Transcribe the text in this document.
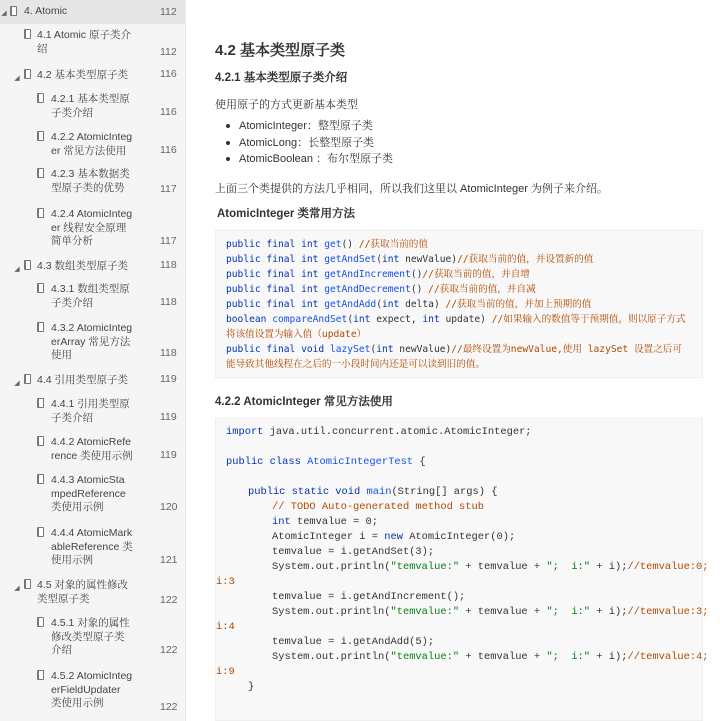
◢ 4. Atomic	112
4.1 Atomic 原子类介绍	112
◢ 4.2 基本类型原子类	116
4.2.1 基本类型原子类介绍	116
4.2.2 AtomicInteger 常见方法使用	116
4.2.3 基本数据类型原子类的优势	117
4.2.4 AtomicInteger 线程安全原理简单分析	117
◢ 4.3 数组类型原子类	118
4.3.1 数组类型原子类介绍	118
4.3.2 AtomicIntegerArray 常见方法使用	118
◢ 4.4 引用类型原子类	119
4.4.1 引用类型原子类介绍	119
4.4.2 AtomicReference 类使用示例	119
4.4.3 AtomicStampedReference 类使用示例	120
4.4.4 AtomicMarkableReference 类使用示例	121
◢ 4.5 对象的属性修改类型原子类	122
4.5.1 对象的属性修改类型原子类介绍	122
4.5.2 AtomicIntegerFieldUpdater 类使用示例	122
4.2 基本类型原子类
4.2.1 基本类型原子类介绍
使用原子的方式更新基本类型
AtomicInteger：整型原子类
AtomicLong：长整型原子类
AtomicBoolean ：布尔型原子类
上面三个类提供的方法几乎相同，所以我们这里以 AtomicInteger 为例子来介绍。
AtomicInteger 类常用方法
public final int get() //获取当前的值
public final int getAndSet(int newValue)//获取当前的值，并设置新的值
public final int getAndIncrement()//获取当前的值，并自增
public final int getAndDecrement() //获取当前的值，并自减
public final int getAndAdd(int delta) //获取当前的值，并加上预期的值
boolean compareAndSet(int expect, int update) //如果输入的数值等于预期值，则以原子方式
将该值设置为输入值（update）
public final void lazySet(int newValue)//最终设置为newValue,使用 lazySet 设置之后可
能导致其他线程在之后的一小段时间内还是可以读到旧的值。
4.2.2 AtomicInteger 常见方法使用
import java.util.concurrent.atomic.AtomicInteger;
public class AtomicIntegerTest {
public static void main(String[] args) {
// TODO Auto-generated method stub
int temvalue = 0;
AtomicInteger i = new AtomicInteger(0);
temvalue = i.getAndSet(3);
System.out.println("temvalue:" + temvalue + ";  i:" + i);//temvalue:0;
i:3
temvalue = i.getAndIncrement();
System.out.println("temvalue:" + temvalue + ";  i:" + i);//temvalue:3;
i:4
temvalue = i.getAndAdd(5);
System.out.println("temvalue:" + temvalue + ";  i:" + i);//temvalue:4;
i:9
}
